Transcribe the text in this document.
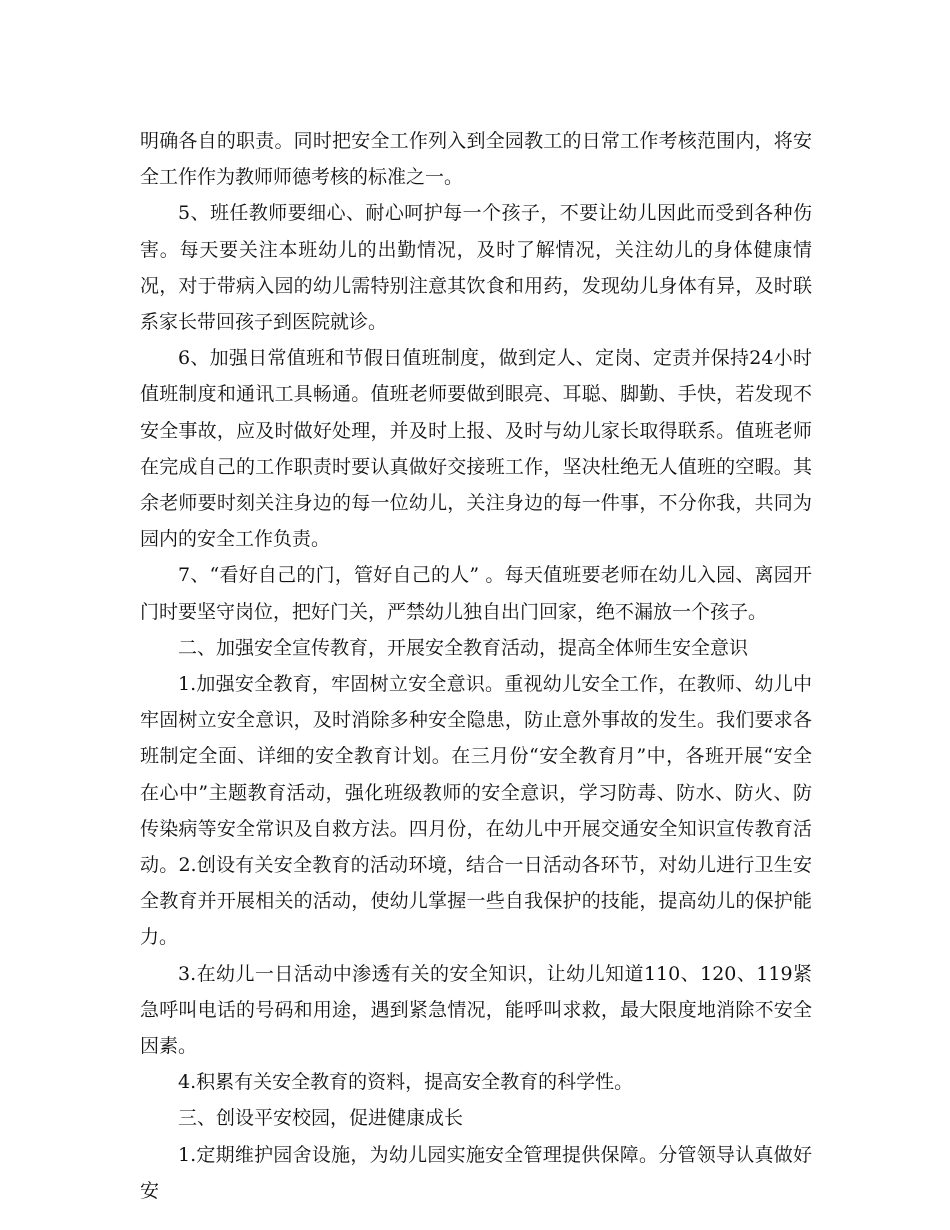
明确各自的职责。同时把安全工作列入到全园教工的日常工作考核范围内，将安全工作作为教师师德考核的标准之一。

5、班任教师要细心、耐心呵护每一个孩子，不要让幼儿因此而受到各种伤害。每天要关注本班幼儿的出勤情况，及时了解情况，关注幼儿的身体健康情况，对于带病入园的幼儿需特别注意其饮食和用药，发现幼儿身体有异，及时联系家长带回孩子到医院就诊。

6、加强日常值班和节假日值班制度，做到定人、定岗、定责并保持24小时值班制度和通讯工具畅通。值班老师要做到眼亮、耳聪、脚勤、手快，若发现不安全事故，应及时做好处理，并及时上报、及时与幼儿家长取得联系。值班老师在完成自己的工作职责时要认真做好交接班工作，坚决杜绝无人值班的空暇。其余老师要时刻关注身边的每一位幼儿，关注身边的每一件事，不分你我，共同为园内的安全工作负责。

7、“看好自己的门，管好自己的人” 。每天值班要老师在幼儿入园、离园开门时要坚守岗位，把好门关，严禁幼儿独自出门回家，绝不漏放一个孩子。

二、加强安全宣传教育，开展安全教育活动，提高全体师生安全意识

1.加强安全教育，牢固树立安全意识。重视幼儿安全工作，在教师、幼儿中牢固树立安全意识，及时消除多种安全隐患，防止意外事故的发生。我们要求各班制定全面、详细的安全教育计划。在三月份“安全教育月”中，各班开展“安全在心中”主题教育活动，强化班级教师的安全意识，学习防毒、防水、防火、防传染病等安全常识及自救方法。四月份，在幼儿中开展交通安全知识宣传教育活动。2.创设有关安全教育的活动环境，结合一日活动各环节，对幼儿进行卫生安全教育并开展相关的活动，使幼儿掌握一些自我保护的技能，提高幼儿的保护能力。

3.在幼儿一日活动中渗透有关的安全知识，让幼儿知道110、120、119紧急呼叫电话的号码和用途，遇到紧急情况，能呼叫求救，最大限度地消除不安全因素。

4.积累有关安全教育的资料，提高安全教育的科学性。

三、创设平安校园，促进健康成长

1.定期维护园舍设施，为幼儿园实施安全管理提供保障。分管领导认真做好安
